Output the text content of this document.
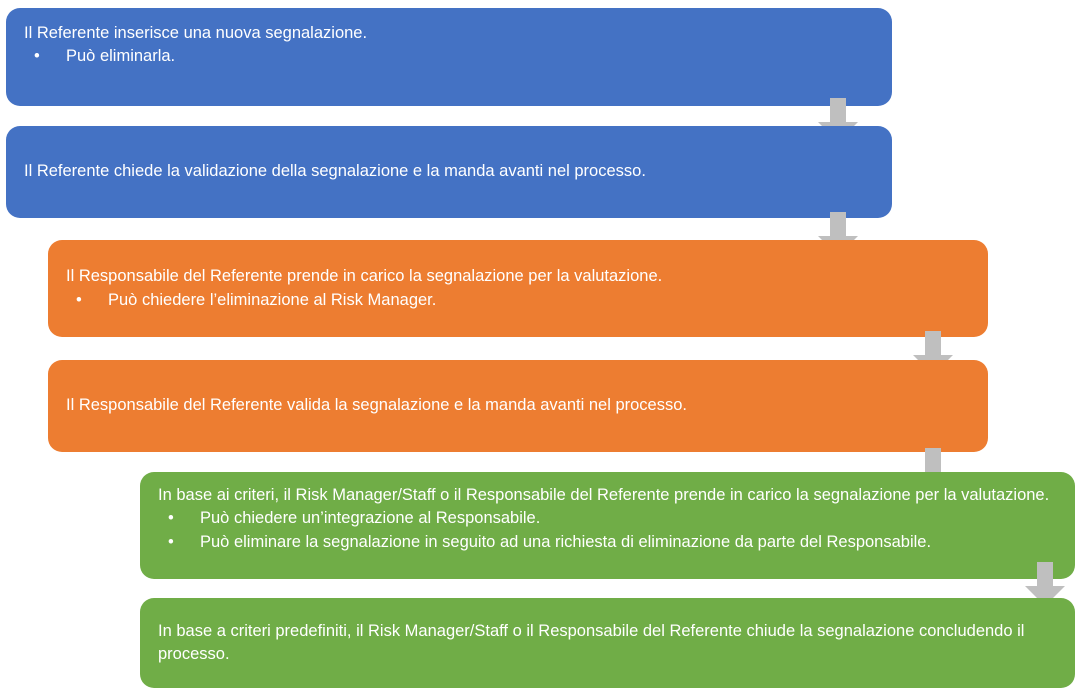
Il Referente inserisce una nuova segnalazione.
• Può eliminarla.
Il Referente chiede la validazione della segnalazione e la manda avanti nel processo.
Il Responsabile del Referente prende in carico la segnalazione per la valutazione.
• Può chiedere l’eliminazione al Risk Manager.
Il Responsabile del Referente valida la segnalazione e la manda avanti nel processo.
In base ai criteri, il Risk Manager/Staff o il Responsabile del Referente prende in carico la segnalazione per la valutazione.
• Può chiedere un’integrazione al Responsabile.
• Può eliminare la segnalazione in seguito ad una richiesta di eliminazione da parte del Responsabile.
In base a criteri predefiniti, il Risk Manager/Staff o il Responsabile del Referente chiude la segnalazione concludendo il processo.
